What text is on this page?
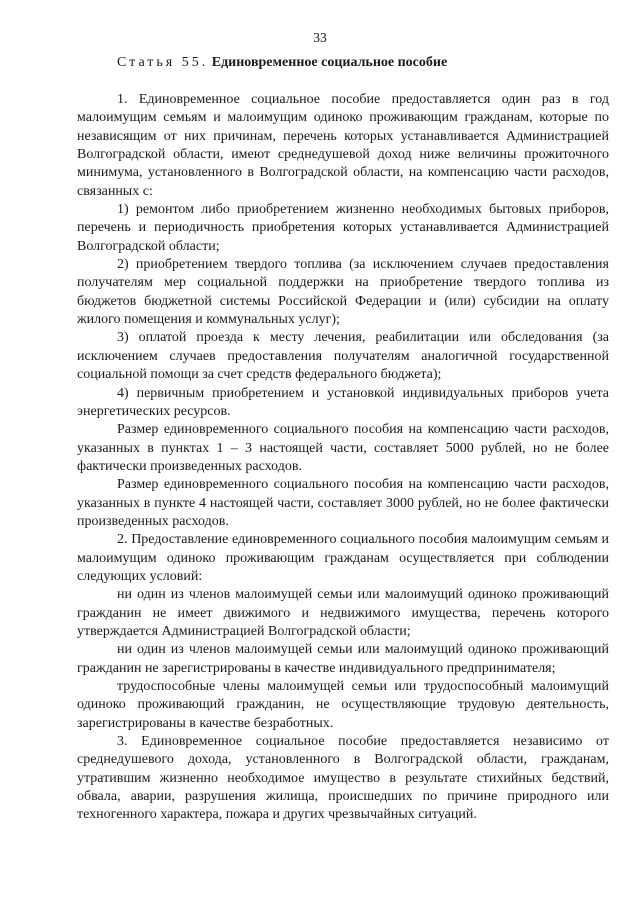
33
Статья 55. Единовременное социальное пособие

1. Единовременное социальное пособие предоставляется один раз в год малоимущим семьям и малоимущим одиноко проживающим гражданам, которые по независящим от них причинам, перечень которых устанавливается Администрацией Волгоградской области, имеют среднедушевой доход ниже величины прожиточного минимума, установленного в Волгоградской области, на компенсацию части расходов, связанных с:

1) ремонтом либо приобретением жизненно необходимых бытовых приборов, перечень и периодичность приобретения которых устанавливается Администрацией Волгоградской области;

2) приобретением твердого топлива (за исключением случаев предоставления получателям мер социальной поддержки на приобретение твердого топлива из бюджетов бюджетной системы Российской Федерации и (или) субсидии на оплату жилого помещения и коммунальных услуг);

3) оплатой проезда к месту лечения, реабилитации или обследования (за исключением случаев предоставления получателям аналогичной государственной социальной помощи за счет средств федерального бюджета);

4) первичным приобретением и установкой индивидуальных приборов учета энергетических ресурсов.

Размер единовременного социального пособия на компенсацию части расходов, указанных в пунктах 1 – 3 настоящей части, составляет 5000 рублей, но не более фактически произведенных расходов.

Размер единовременного социального пособия на компенсацию части расходов, указанных в пункте 4 настоящей части, составляет 3000 рублей, но не более фактически произведенных расходов.

2. Предоставление единовременного социального пособия малоимущим семьям и малоимущим одиноко проживающим гражданам осуществляется при соблюдении следующих условий:

ни один из членов малоимущей семьи или малоимущий одиноко проживающий гражданин не имеет движимого и недвижимого имущества, перечень которого утверждается Администрацией Волгоградской области;

ни один из членов малоимущей семьи или малоимущий одиноко проживающий гражданин не зарегистрированы в качестве индивидуального предпринимателя;

трудоспособные члены малоимущей семьи или трудоспособный малоимущий одиноко проживающий гражданин, не осуществляющие трудовую деятельность, зарегистрированы в качестве безработных.

3. Единовременное социальное пособие предоставляется независимо от среднедушевого дохода, установленного в Волгоградской области, гражданам, утратившим жизненно необходимое имущество в результате стихийных бедствий, обвала, аварии, разрушения жилища, происшедших по причине природного или техногенного характера, пожара и других чрезвычайных ситуаций.
